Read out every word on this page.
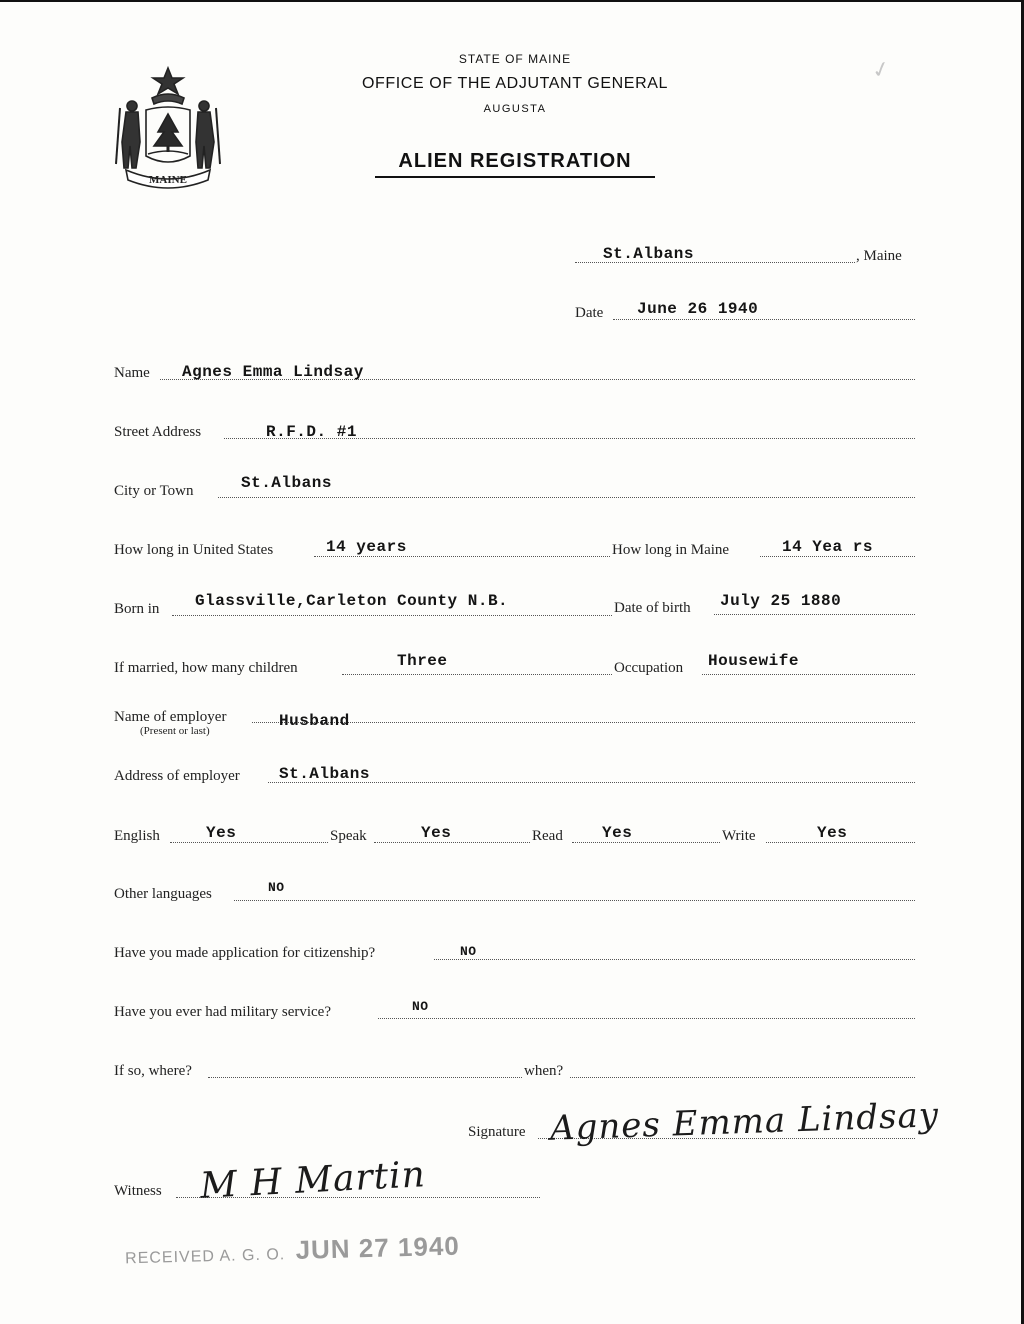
✓
MAINE
STATE OF MAINE
OFFICE OF THE ADJUTANT GENERAL
AUGUSTA
ALIEN REGISTRATION
St.Albans	, Maine
Date June 26 1940
Name Agnes Emma Lindsay
Street Address	R.F.D. #1
City or Town	St.Albans
How long in United States	14 years	How long in Maine	14 Yea rs
Born in Glassville,Carleton County N.B.	Date of birth July 25 1880
If married, how many children	Three	Occupation Housewife
Name of employer
(Present or last)
Husband
Address of employer St.Albans
English	Yes	Speak	Yes	Read Yes	Write	Yes
Other languages	NO
Have you made application for citizenship?	NO
Have you ever had military service?	NO
If so, where?	when?
Signature Agnes Emma Lindsay
Witness M H Martin
RECEIVED A. G. O. JUN 27 1940
